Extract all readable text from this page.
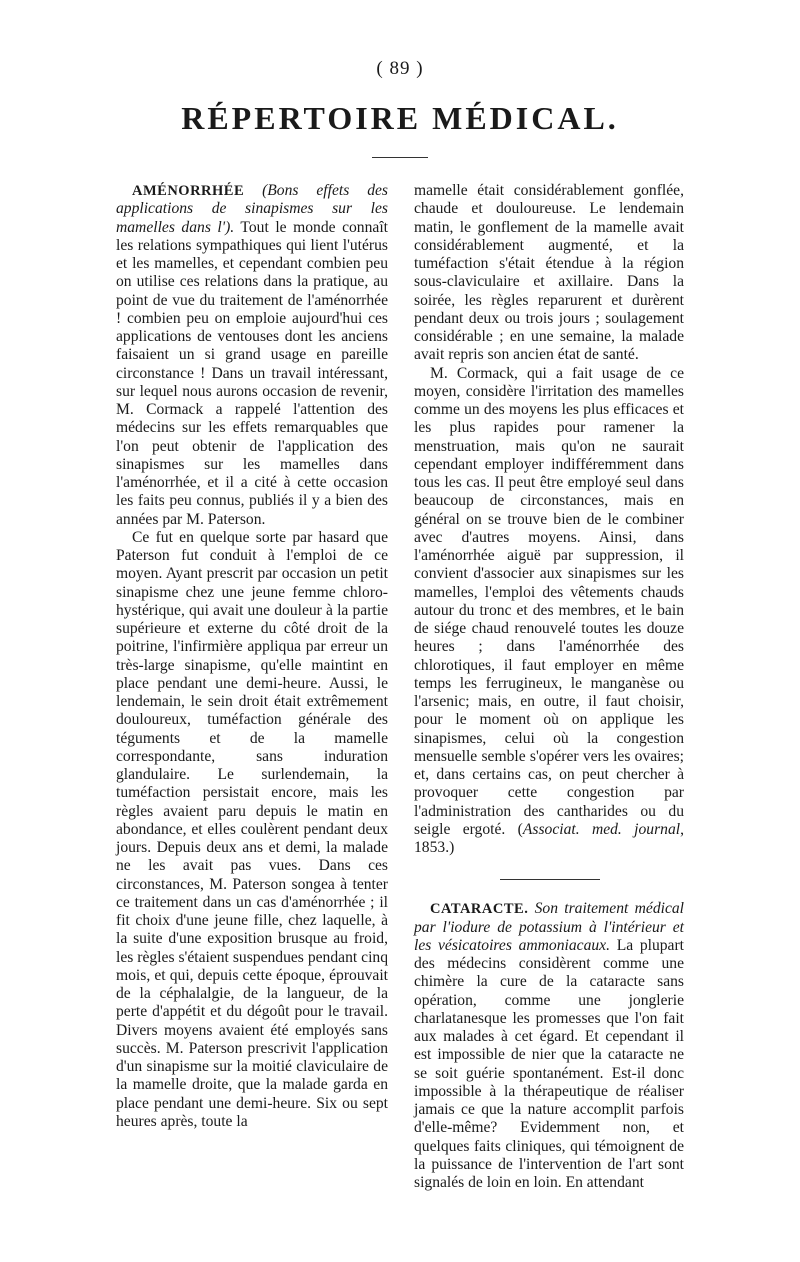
( 89 )
RÉPERTOIRE MÉDICAL.

AMÉNORRHÉE (Bons effets des applications de sinapismes sur les mamelles dans l'). Tout le monde connaît les relations sympathiques qui lient l'utérus et les mamelles, et cependant combien peu on utilise ces relations dans la pratique, au point de vue du traitement de l'aménorrhée ! combien peu on emploie aujourd'hui ces applications de ventouses dont les anciens faisaient un si grand usage en pareille circonstance ! Dans un travail intéressant, sur lequel nous aurons occasion de revenir, M. Cormack a rappelé l'attention des médecins sur les effets remarquables que l'on peut obtenir de l'application des sinapismes sur les mamelles dans l'aménorrhée, et il a cité à cette occasion les faits peu connus, publiés il y a bien des années par M. Paterson.

Ce fut en quelque sorte par hasard que Paterson fut conduit à l'emploi de ce moyen. Ayant prescrit par occasion un petit sinapisme chez une jeune femme chloro-hystérique, qui avait une douleur à la partie supérieure et externe du côté droit de la poitrine, l'infirmière appliqua par erreur un très-large sinapisme, qu'elle maintint en place pendant une demi-heure. Aussi, le lendemain, le sein droit était extrêmement douloureux, tuméfaction générale des téguments et de la mamelle correspondante, sans induration glandulaire. Le surlendemain, la tuméfaction persistait encore, mais les règles avaient paru depuis le matin en abondance, et elles coulèrent pendant deux jours. Depuis deux ans et demi, la malade ne les avait pas vues. Dans ces circonstances, M. Paterson songea à tenter ce traitement dans un cas d'aménorrhée ; il fit choix d'une jeune fille, chez laquelle, à la suite d'une exposition brusque au froid, les règles s'étaient suspendues pendant cinq mois, et qui, depuis cette époque, éprouvait de la céphalalgie, de la langueur, de la perte d'appétit et du dégoût pour le travail. Divers moyens avaient été employés sans succès. M. Paterson prescrivit l'application d'un sinapisme sur la moitié claviculaire de la mamelle droite, que la malade garda en place pendant une demi-heure. Six ou sept heures après, toute la

mamelle était considérablement gonflée, chaude et douloureuse. Le lendemain matin, le gonflement de la mamelle avait considérablement augmenté, et la tuméfaction s'était étendue à la région sous-claviculaire et axillaire. Dans la soirée, les règles reparurent et durèrent pendant deux ou trois jours ; soulagement considérable ; en une semaine, la malade avait repris son ancien état de santé.

M. Cormack, qui a fait usage de ce moyen, considère l'irritation des mamelles comme un des moyens les plus efficaces et les plus rapides pour ramener la menstruation, mais qu'on ne saurait cependant employer indifféremment dans tous les cas. Il peut être employé seul dans beaucoup de circonstances, mais en général on se trouve bien de le combiner avec d'autres moyens. Ainsi, dans l'aménorrhée aiguë par suppression, il convient d'associer aux sinapismes sur les mamelles, l'emploi des vêtements chauds autour du tronc et des membres, et le bain de siége chaud renouvelé toutes les douze heures ; dans l'aménorrhée des chlorotiques, il faut employer en même temps les ferrugineux, le manganèse ou l'arsenic; mais, en outre, il faut choisir, pour le moment où on applique les sinapismes, celui où la congestion mensuelle semble s'opérer vers les ovaires; et, dans certains cas, on peut chercher à provoquer cette congestion par l'administration des cantharides ou du seigle ergoté. (Associat. med. journal, 1853.)

CATARACTE. Son traitement médical par l'iodure de potassium à l'intérieur et les vésicatoires ammoniacaux. La plupart des médecins considèrent comme une chimère la cure de la cataracte sans opération, comme une jonglerie charlatanesque les promesses que l'on fait aux malades à cet égard. Et cependant il est impossible de nier que la cataracte ne se soit guérie spontanément. Est-il donc impossible à la thérapeutique de réaliser jamais ce que la nature accomplit parfois d'elle-même? Evidemment non, et quelques faits cliniques, qui témoignent de la puissance de l'intervention de l'art sont signalés de loin en loin. En attendant
